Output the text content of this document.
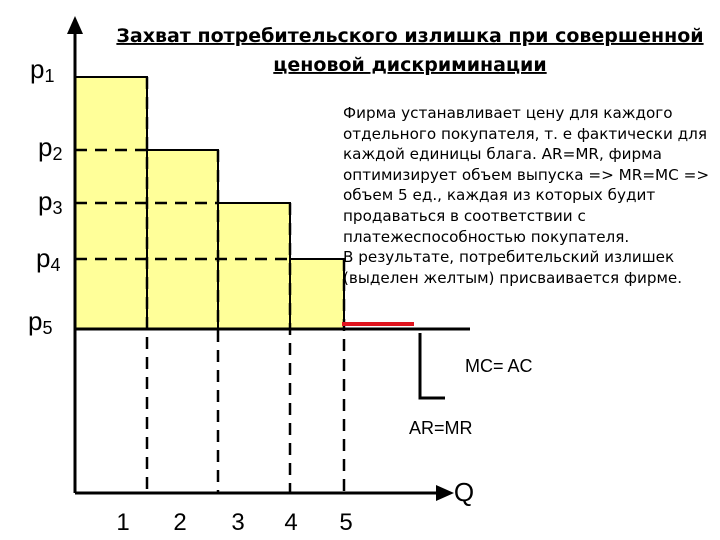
Захват потребительского излишка при совершенной
ценовой дискриминации
p1
p2
p3
p4
p5
1 2 3 4 5
Q
MC= AC
AR=MR
Фирма устанавливает цену для каждого
отдельного покупателя, т. е фактически для
каждой единицы блага. AR=MR, фирма
оптимизирует объем выпуска => MR=MC =>
объем 5 ед., каждая из которых будит
продаваться в соответствии с
платежеспособностью покупателя.
В результате, потребительский излишек
(выделен желтым) присваивается фирме.
